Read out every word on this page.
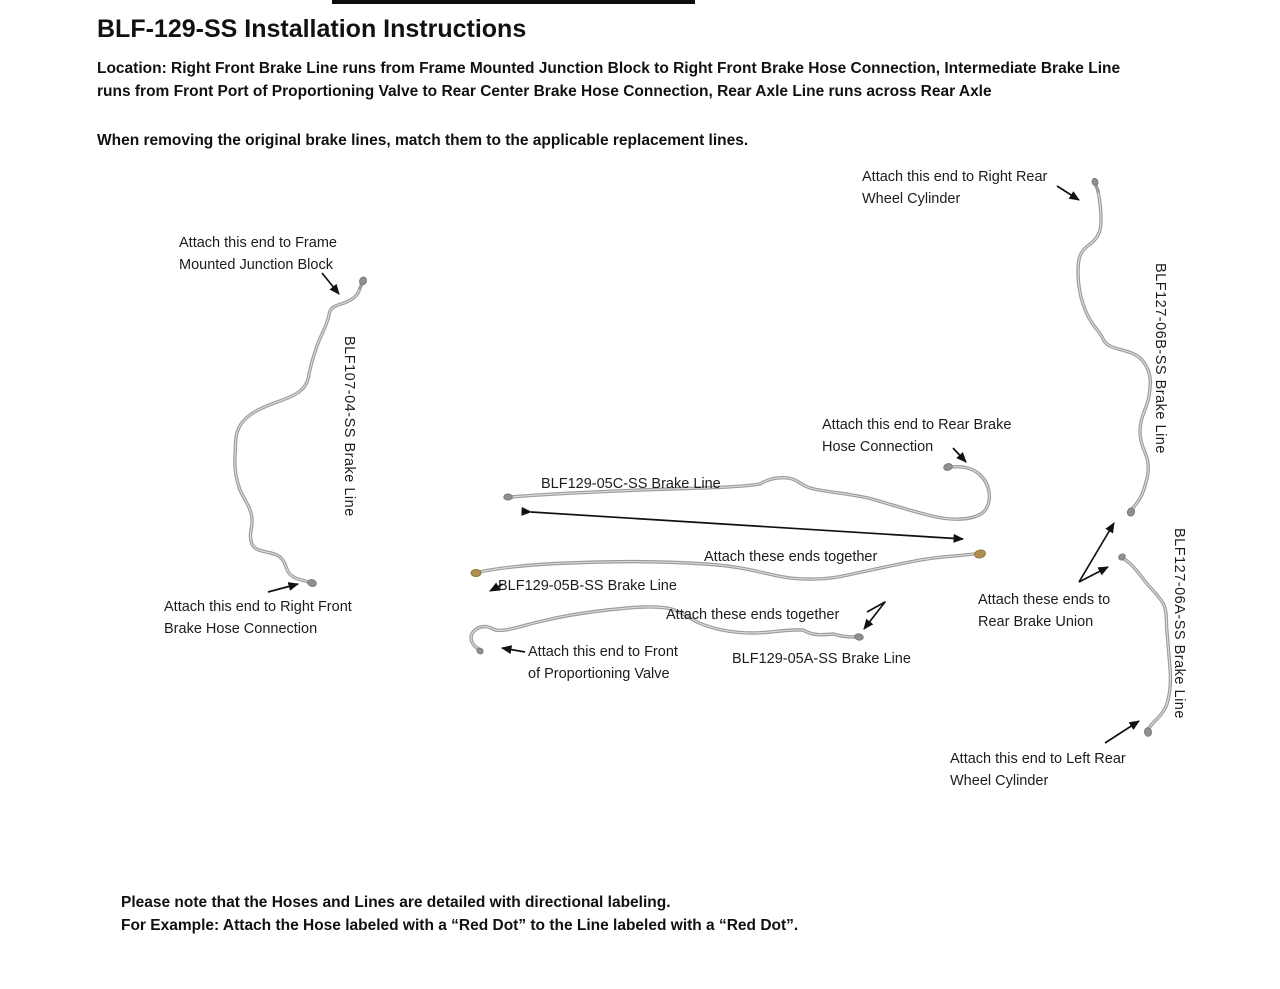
BLF-129-SS Installation Instructions
Location: Right Front Brake Line runs from Frame Mounted Junction Block to Right Front Brake Hose Connection, Intermediate Brake Line
runs from Front Port of Proportioning Valve to Rear Center Brake Hose Connection, Rear Axle Line runs across Rear Axle
When removing the original brake lines, match them to the applicable replacement lines.
Attach this end to Frame
Mounted Junction Block
BLF107-04-SS Brake Line
Attach this end to Right Front
Brake Hose Connection
BLF129-05C-SS Brake Line
Attach this end to Rear Brake
Hose Connection
Attach these ends together
BLF129-05B-SS Brake Line
Attach these ends together
Attach this end to Front
of Proportioning Valve
BLF129-05A-SS Brake Line
Attach this end to Right Rear
Wheel Cylinder
BLF127-06B-SS Brake Line
Attach these ends to
Rear Brake Union	BLF127-06A-SS Brake Line
Attach this end to Left Rear
Wheel Cylinder
Please note that the Hoses and Lines are detailed with directional labeling.
For Example: Attach the Hose labeled with a “Red Dot” to the Line labeled with a “Red Dot”.
